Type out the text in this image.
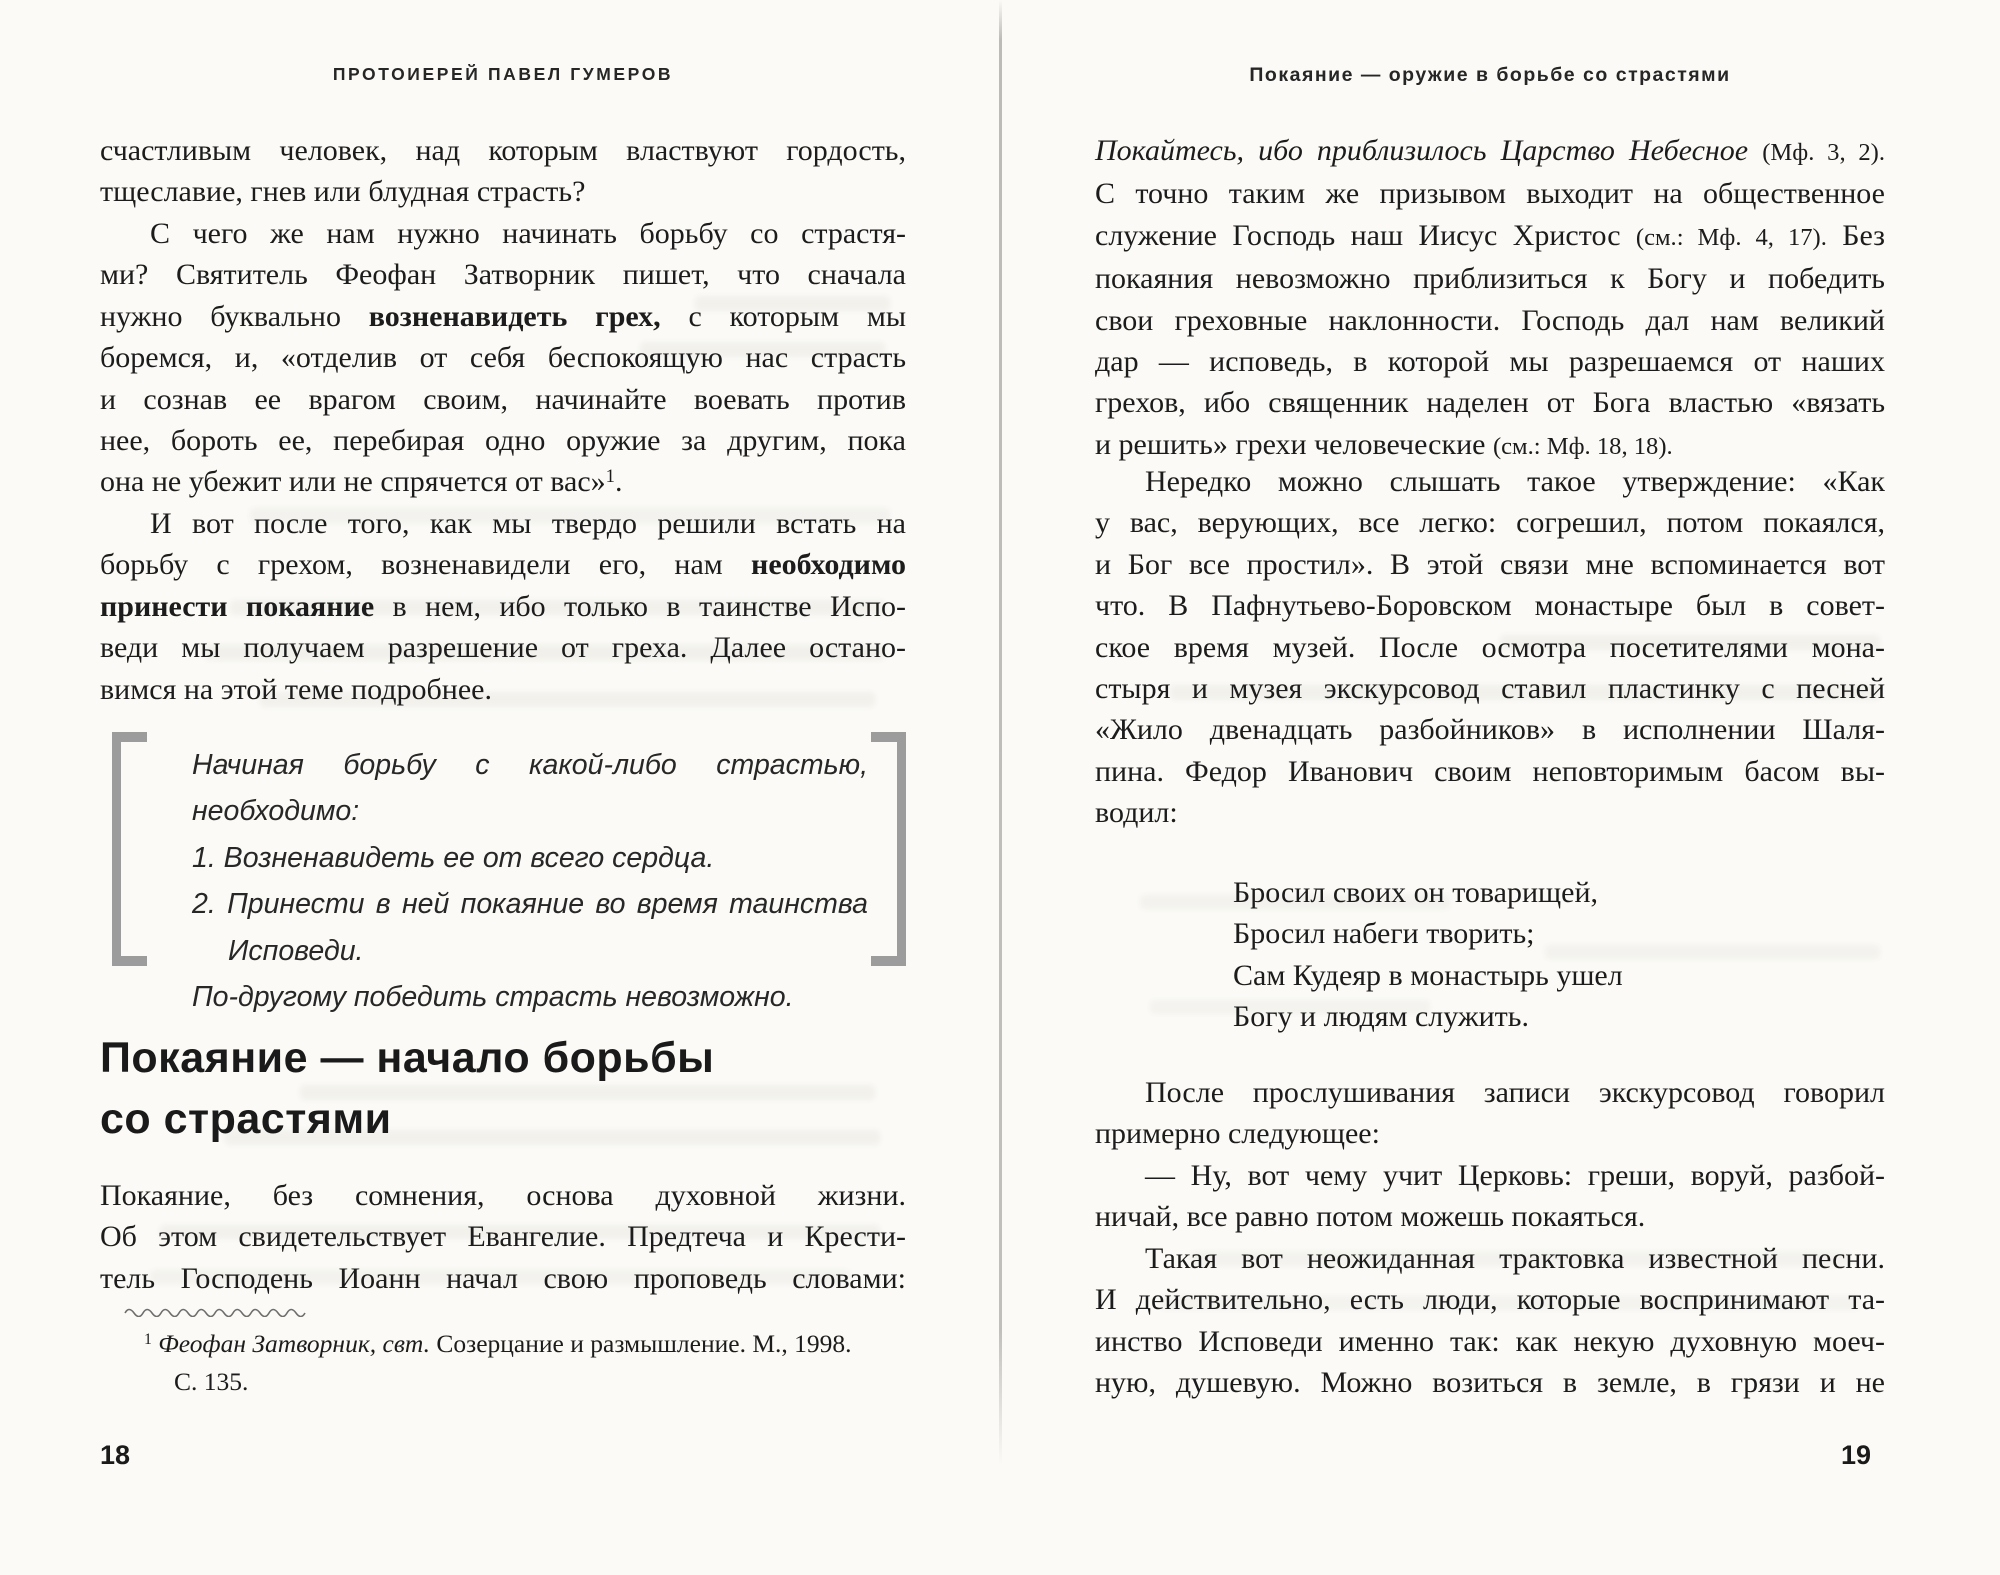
ПРОТОИЕРЕЙ ПАВЕЛ ГУМЕРОВ
счастливым человек, над которым властвуют гордость,
тщеславие, гнев или блудная страсть?
С чего же нам нужно начинать борьбу со страстя-
ми? Святитель Феофан Затворник пишет, что сначала
нужно буквально возненавидеть грех, с которым мы
боремся, и, «отделив от себя беспокоящую нас страсть
и сознав ее врагом своим, начинайте воевать против
нее, бороть ее, перебирая одно оружие за другим, пока
она не убежит или не спрячется от вас»$^1$.
И вот после того, как мы твердо решили встать на
борьбу с грехом, возненавидели его, нам необходимо
принести покаяние в нем, ибо только в таинстве Испо-
веди мы получаем разрешение от греха. Далее остано-
вимся на этой теме подробнее.
Начиная борьбу с какой-либо страстью, необходимо:
1. Возненавидеть ее от всего сердца.
2. Принести в ней покаяние во время таинства
Исповеди.
По-другому победить страсть невозможно.
Покаяние — начало борьбы
со страстями
Покаяние, без сомнения, основа духовной жизни.
Об этом свидетельствует Евангелие. Предтеча и Крести-
тель Господень Иоанн начал свою проповедь словами:
$^1$ Феофан Затворник, свт. Созерцание и размышление. М., 1998.
С. 135.
18
Покаяние — оружие в борьбе со страстями
Покайтесь, ибо приблизилось Царство Небесное (Мф. 3, 2).
С точно таким же призывом выходит на общественное
служение Господь наш Иисус Христос (см.: Мф. 4, 17). Без
покаяния невозможно приблизиться к Богу и победить
свои греховные наклонности. Господь дал нам великий
дар — исповедь, в которой мы разрешаемся от наших
грехов, ибо священник наделен от Бога властью «вязать
и решить» грехи человеческие (см.: Мф. 18, 18).
Нередко можно слышать такое утверждение: «Как
у вас, верующих, все легко: согрешил, потом покаялся,
и Бог все простил». В этой связи мне вспоминается вот
что. В Пафнутьево-Боровском монастыре был в совет-
ское время музей. После осмотра посетителями мона-
стыря и музея экскурсовод ставил пластинку с песней
«Жило двенадцать разбойников» в исполнении Шаля-
пина. Федор Иванович своим неповторимым басом вы-
водил:
Бросил своих он товарищей,
Бросил набеги творить;
Сам Кудеяр в монастырь ушел
Богу и людям служить.
После прослушивания записи экскурсовод говорил
примерно следующее:
— Ну, вот чему учит Церковь: греши, воруй, разбой-
ничай, все равно потом можешь покаяться.
Такая вот неожиданная трактовка известной песни.
И действительно, есть люди, которые воспринимают та-
инство Исповеди именно так: как некую духовную моеч-
ную, душевую. Можно возиться в земле, в грязи и не
19
